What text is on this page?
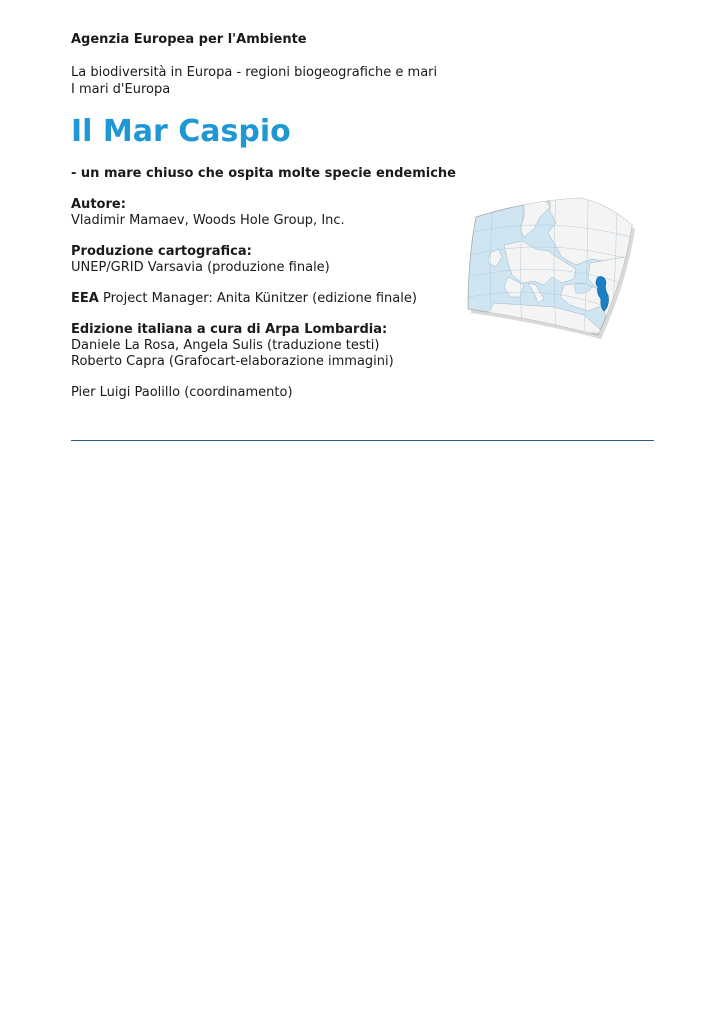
Agenzia Europea per l'Ambiente
La biodiversità in Europa - regioni biogeografiche e mari
I mari d'Europa
Il Mar Caspio
- un mare chiuso che ospita molte specie endemiche
Autore:
Vladimir Mamaev, Woods Hole Group, Inc.
Produzione cartografica:
UNEP/GRID Varsavia (produzione finale)
EEA Project Manager: Anita Künitzer (edizione finale)
Edizione italiana a cura di Arpa Lombardia:
Daniele La Rosa, Angela Sulis (traduzione testi)
Roberto Capra (Grafocart-elaborazione immagini)
Pier Luigi Paolillo (coordinamento)
